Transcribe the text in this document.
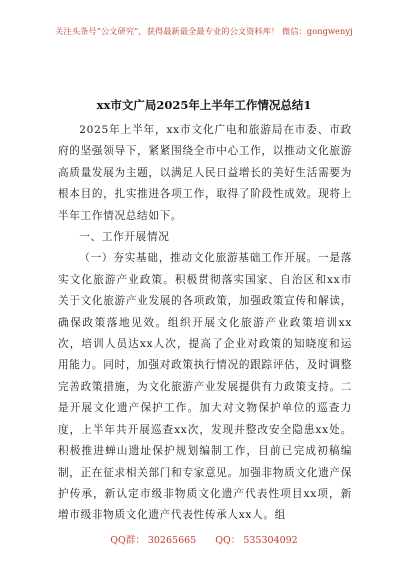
关注头条号“公文研究”，获得最新最全最专业的公文资料库！ 微信：gongwenyj
xx市文广局2025年上半年工作情况总结1

2025年上半年，xx市文化广电和旅游局在市委、市政府的坚强领导下，紧紧围绕全市中心工作，以推动文化旅游高质量发展为主题，以满足人民日益增长的美好生活需要为根本目的，扎实推进各项工作，取得了阶段性成效。现将上半年工作情况总结如下。

一、工作开展情况

（一）夯实基础，推动文化旅游基础工作开展。一是落实文化旅游产业政策。积极贯彻落实国家、自治区和xx市关于文化旅游产业发展的各项政策，加强政策宣传和解读，确保政策落地见效。组织开展文化旅游产业政策培训xx次，培训人员达xx人次，提高了企业对政策的知晓度和运用能力。同时，加强对政策执行情况的跟踪评估，及时调整完善政策措施，为文化旅游产业发展提供有力政策支持。二是开展文化遗产保护工作。加大对文物保护单位的巡查力度，上半年共开展巡查xx次，发现并整改安全隐患xx处。积极推进蝉山遗址保护规划编制工作，目前已完成初稿编制，正在征求相关部门和专家意见。加强非物质文化遗产保护传承，新认定市级非物质文化遗产代表性项目xx项，新增市级非物质文化遗产代表性传承人xx人。组

QQ群： 30265665 QQ： 535304092
